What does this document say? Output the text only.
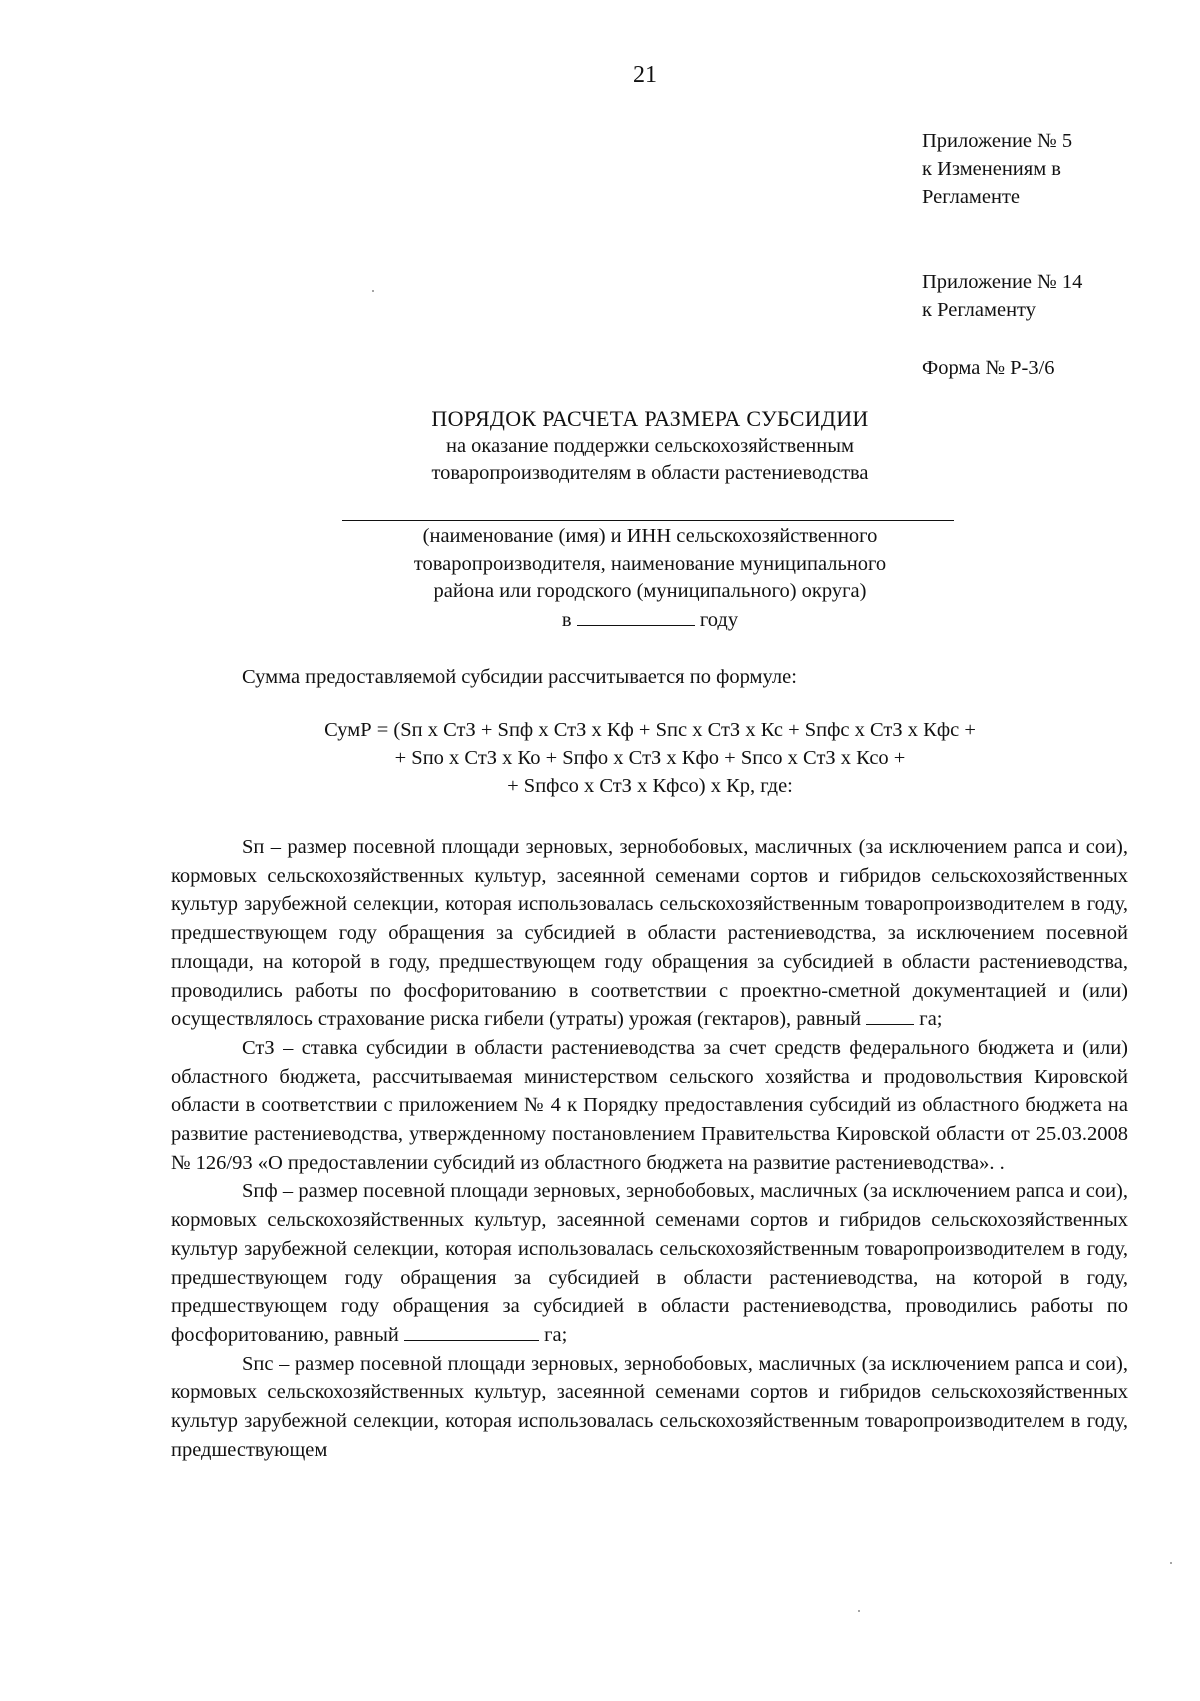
21
Приложение № 5
к Изменениям в
Регламенте
Приложение № 14
к Регламенту
Форма № Р-3/6
ПОРЯДОК РАСЧЕТА РАЗМЕРА СУБСИДИИ
на оказание поддержки сельскохозяйственным
товаропроизводителям в области растениеводства
(наименование (имя) и ИНН сельскохозяйственного
товаропроизводителя, наименование муниципального
района или городского (муниципального) округа)
в	году
Сумма предоставляемой субсидии рассчитывается по формуле:
СумР = (Sп х СтЗ + Sпф х СтЗ х Кф + Sпс х СтЗ х Кс + Sпфс х СтЗ х Кфс +
+ Sпо х СтЗ х Ко + Sпфо х СтЗ х Кфо + Sпсо х СтЗ х Ксо +
+ Sпфсо х СтЗ х Кфсо) х Кр, где:

Sп – размер посевной площади зерновых, зернобобовых, масличных (за исключением рапса и сои), кормовых сельскохозяйственных культур, засеянной семенами сортов и гибридов сельскохозяйственных культур зарубежной селекции, которая использовалась сельскохозяйственным товаропроизводителем в году, предшествующем году обращения за субсидией в области растениеводства, за исключением посевной площади, на которой в году, предшествующем году обращения за субсидией в области растениеводства, проводились работы по фосфоритованию в соответствии с проектно-сметной документацией и (или) осуществлялось страхование риска гибели (утраты) урожая (гектаров), равный	га;

СтЗ – ставка субсидии в области растениеводства за счет средств федерального бюджета и (или) областного бюджета, рассчитываемая министерством сельского хозяйства и продовольствия Кировской области в соответствии с приложением № 4 к Порядку предоставления субсидий из областного бюджета на развитие растениеводства, утвержденному постановлением Правительства Кировской области от 25.03.2008 № 126/93 «О предоставлении субсидий из областного бюджета на развитие растениеводства». .

Sпф – размер посевной площади зерновых, зернобобовых, масличных (за исключением рапса и сои), кормовых сельскохозяйственных культур, засеянной семенами сортов и гибридов сельскохозяйственных культур зарубежной селекции, которая использовалась сельскохозяйственным товаропроизводителем в году, предшествующем году обращения за субсидией в области растениеводства, на которой в году, предшествующем году обращения за субсидией в области растениеводства, проводились работы по фосфоритованию, равный	га;

Sпс – размер посевной площади зерновых, зернобобовых, масличных (за исключением рапса и сои), кормовых сельскохозяйственных культур, засеянной семенами сортов и гибридов сельскохозяйственных культур зарубежной селекции, которая использовалась сельскохозяйственным товаропроизводителем в году, предшествующем
